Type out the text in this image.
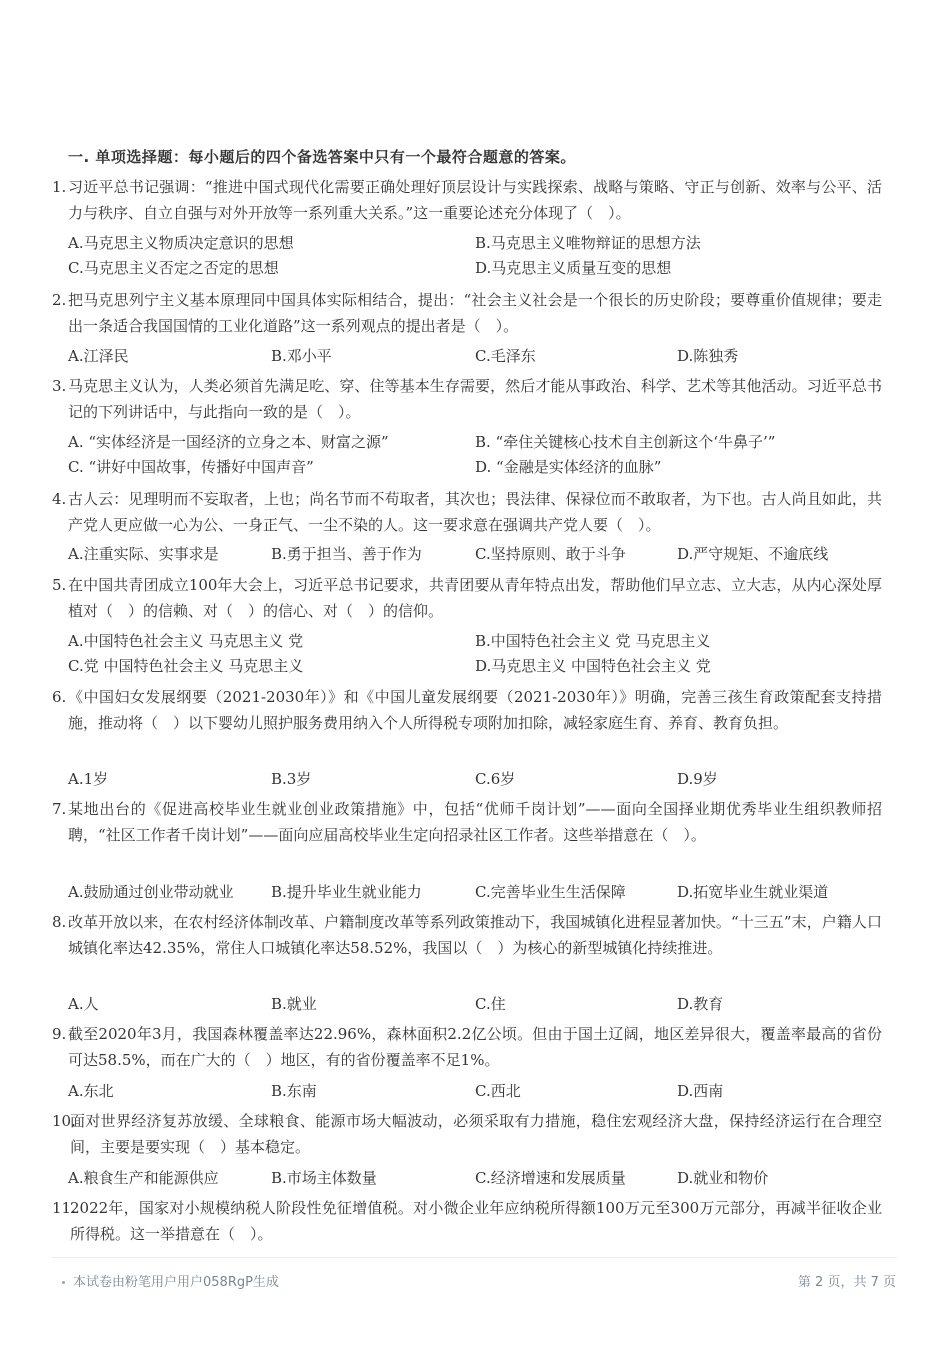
一. 单项选择题：每小题后的四个备选答案中只有一个最符合题意的答案。
1. 习近平总书记强调：“推进中国式现代化需要正确处理好顶层设计与实践探索、战略与策略、守正与创新、效率与公平、活力与秩序、自立自强与对外开放等一系列重大关系。”这一重要论述充分体现了（　）。
A.马克思主义物质决定意识的思想	B.马克思主义唯物辩证的思想方法
C.马克思主义否定之否定的思想	D.马克思主义质量互变的思想
2. 把马克思列宁主义基本原理同中国具体实际相结合，提出：“社会主义社会是一个很长的历史阶段；要尊重价值规律；要走出一条适合我国国情的工业化道路”这一系列观点的提出者是（　）。
A.江泽民	B.邓小平	C.毛泽东	D.陈独秀
3. 马克思主义认为，人类必须首先满足吃、穿、住等基本生存需要，然后才能从事政治、科学、艺术等其他活动。习近平总书记的下列讲话中，与此指向一致的是（　）。
A. “实体经济是一国经济的立身之本、财富之源”	B. “牵住关键核心技术自主创新这个‘牛鼻子’”
C. “讲好中国故事，传播好中国声音”	D. “金融是实体经济的血脉”
4. 古人云：见理明而不妄取者，上也；尚名节而不苟取者，其次也；畏法律、保禄位而不敢取者，为下也。古人尚且如此，共产党人更应做一心为公、一身正气、一尘不染的人。这一要求意在强调共产党人要（　）。
A.注重实际、实事求是	B.勇于担当、善于作为	C.坚持原则、敢于斗争	D.严守规矩、不逾底线
5. 在中国共青团成立100年大会上，习近平总书记要求，共青团要从青年特点出发，帮助他们早立志、立大志，从内心深处厚植对（　）的信赖、对（　）的信心、对（　）的信仰。
A.中国特色社会主义 马克思主义 党	B.中国特色社会主义 党 马克思主义
C.党 中国特色社会主义 马克思主义	D.马克思主义 中国特色社会主义 党
6. 《中国妇女发展纲要（2021-2030年）》和《中国儿童发展纲要（2021-2030年）》明确，完善三孩生育政策配套支持措施，推动将（　）以下婴幼儿照护服务费用纳入个人所得税专项附加扣除，减轻家庭生育、养育、教育负担。
A.1岁	B.3岁	C.6岁	D.9岁
7. 某地出台的《促进高校毕业生就业创业政策措施》中，包括“优师千岗计划”——面向全国择业期优秀毕业生组织教师招聘，“社区工作者千岗计划”——面向应届高校毕业生定向招录社区工作者。这些举措意在（　）。
A.鼓励通过创业带动就业 B.提升毕业生就业能力	C.完善毕业生生活保障	D.拓宽毕业生就业渠道
8. 改革开放以来，在农村经济体制改革、户籍制度改革等系列政策推动下，我国城镇化进程显著加快。“十三五”末，户籍人口城镇化率达42.35%，常住人口城镇化率达58.52%，我国以（　）为核心的新型城镇化持续推进。
A.人	B.就业	C.住	D.教育
9. 截至2020年3月，我国森林覆盖率达22.96%，森林面积2.2亿公顷。但由于国土辽阔，地区差异很大，覆盖率最高的省份可达58.5%，而在广大的（　）地区，有的省份覆盖率不足1%。
A.东北	B.东南	C.西北	D.西南
10.
面对世界经济复苏放缓、全球粮食、能源市场大幅波动，必须采取有力措施，稳住宏观经济大盘，保持经济运行在合理空间，主要是要实现（　）基本稳定。
A.粮食生产和能源供应	B.市场主体数量	C.经济增速和发展质量	D.就业和物价
11.
2022年，国家对小规模纳税人阶段性免征增值税。对小微企业年应纳税所得额100万元至300万元部分，再减半征收企业所得税。这一举措意在（　）。
本试卷由粉笔用户用户058RgP生成	第 2 页，共 7 页
